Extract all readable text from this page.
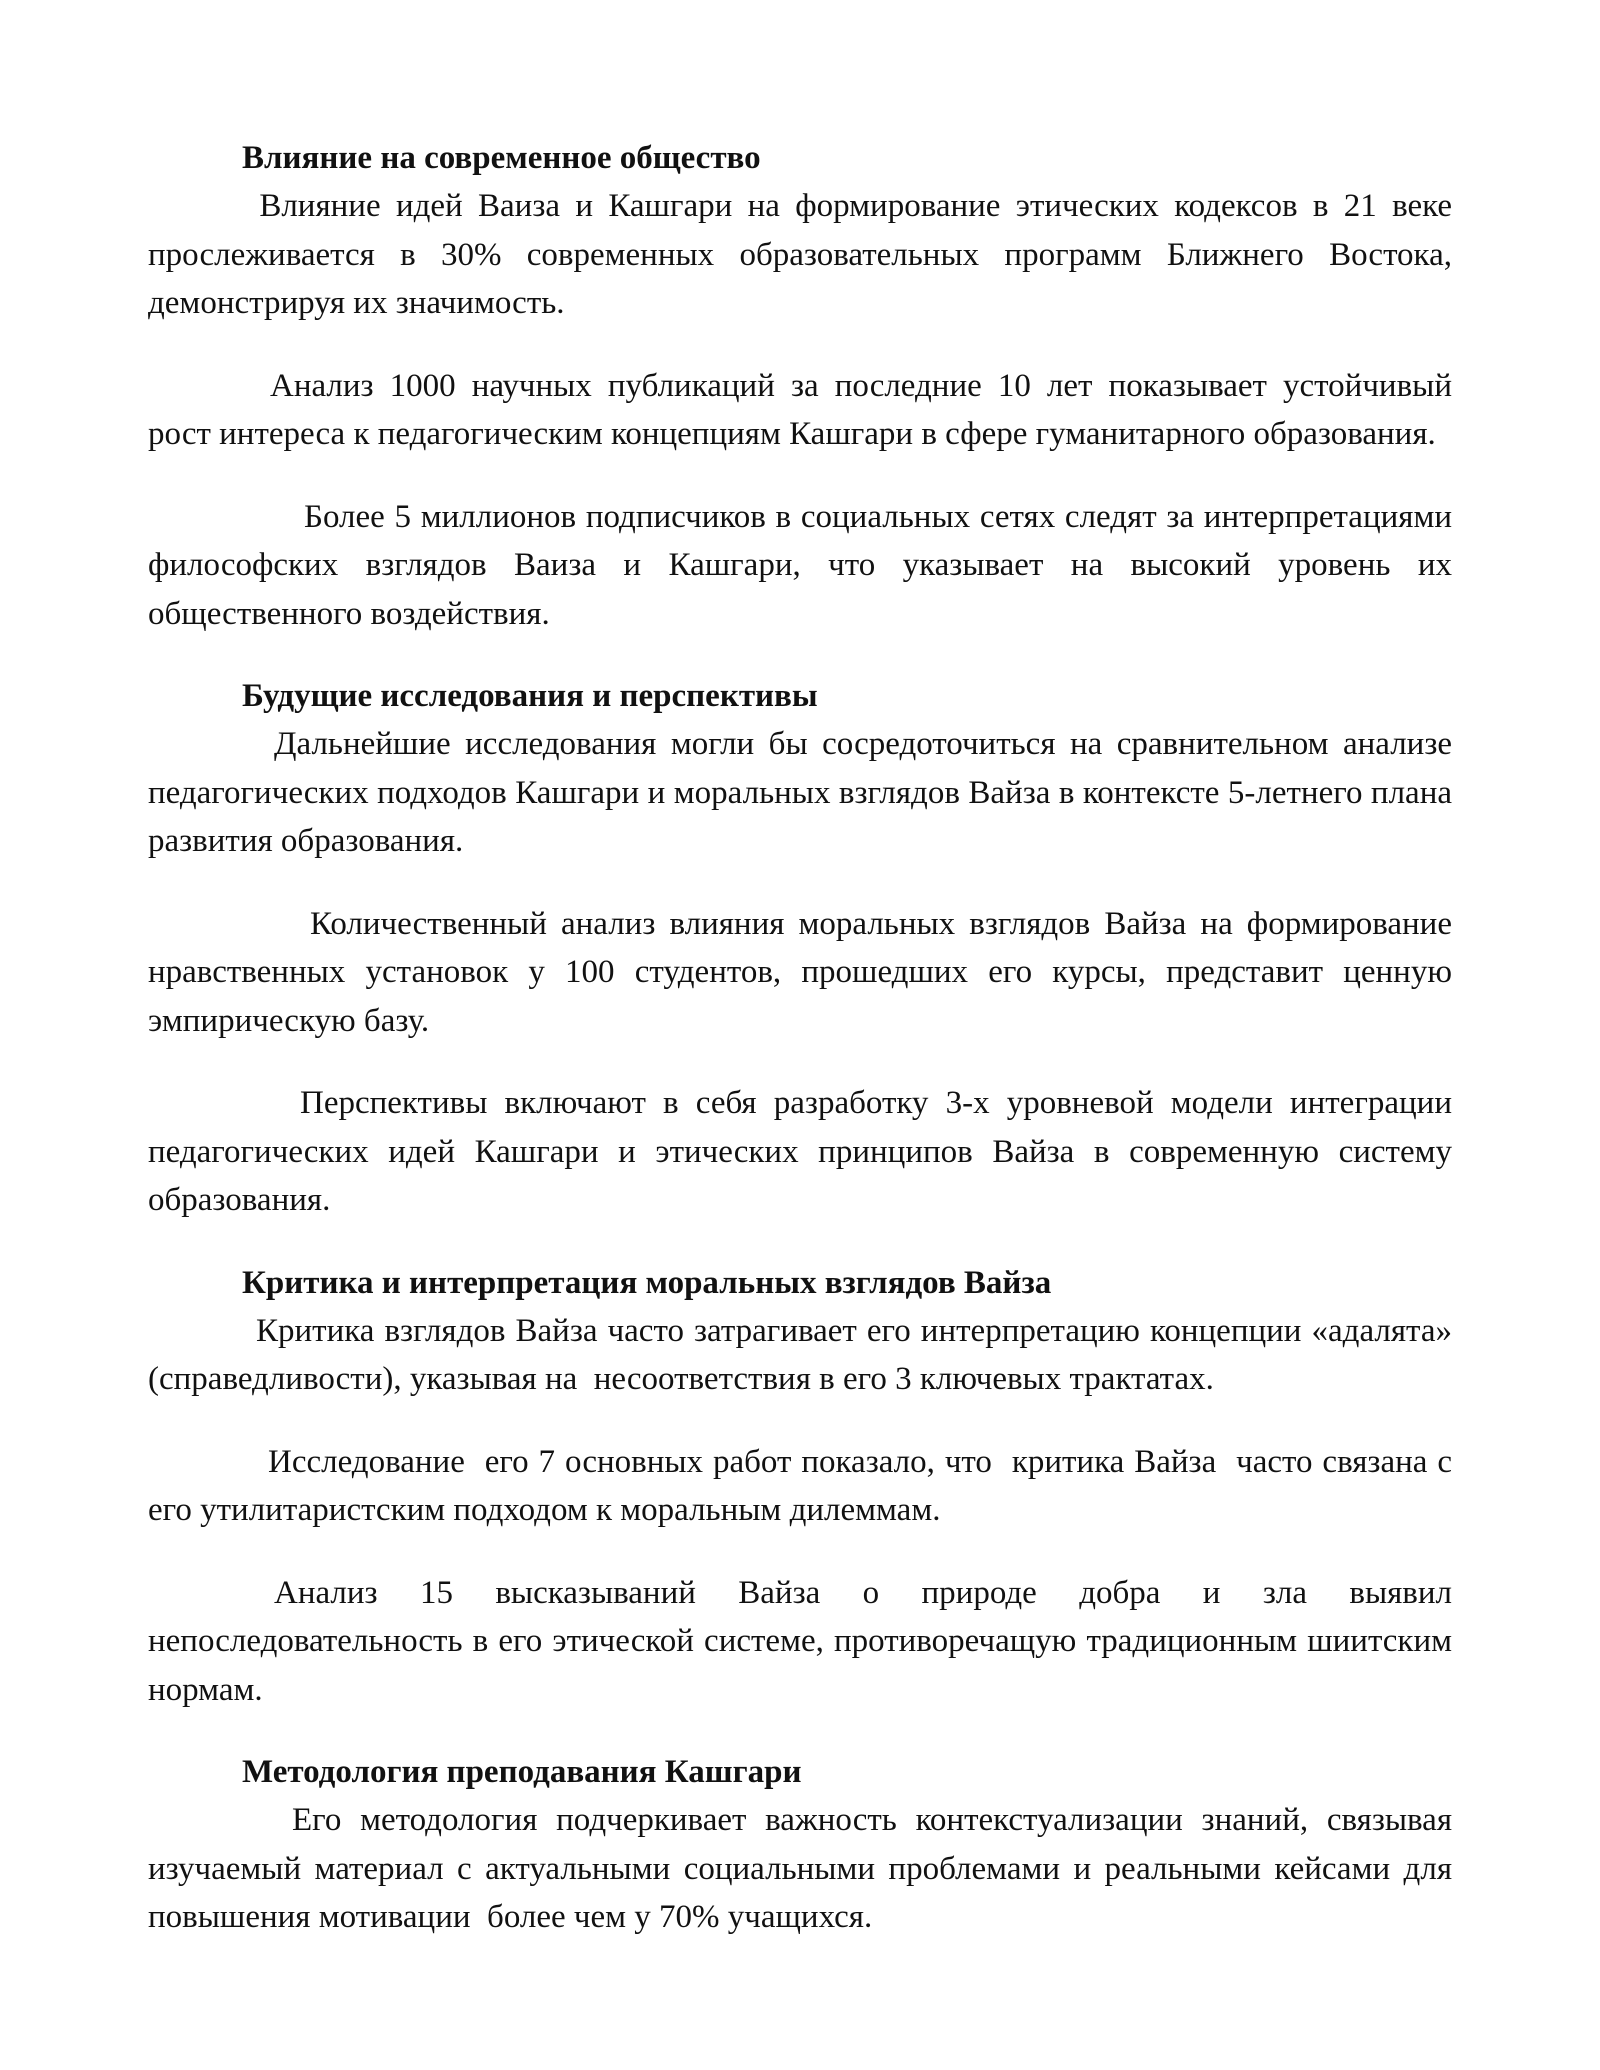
Влияние на современное общество

Влияние идей Ваиза и Кашгари на формирование этических кодексов в 21 веке прослеживается в 30% современных образовательных программ Ближнего Востока, демонстрируя их значимость.

Анализ 1000 научных публикаций за последние 10 лет показывает устойчивый рост интереса к педагогическим концепциям Кашгари в сфере гуманитарного образования.

Более 5 миллионов подписчиков в социальных сетях следят за интерпретациями  философских взглядов Ваиза и Кашгари, что указывает на высокий уровень их общественного воздействия.

Будущие исследования и перспективы

Дальнейшие исследования могли бы сосредоточиться на сравнительном анализе педагогических подходов Кашгари и моральных взглядов Вайза в контексте 5-летнего плана развития образования.

Количественный анализ влияния моральных взглядов Вайза на формирование нравственных установок у 100 студентов, прошедших его курсы, представит ценную эмпирическую базу.

Перспективы включают в себя разработку 3-х уровневой модели интеграции педагогических идей Кашгари и этических принципов Вайза в современную систему образования.

Критика и интерпретация моральных взглядов Вайза

Критика взглядов Вайза часто затрагивает его интерпретацию концепции «адалята» (справедливости), указывая на  несоответствия в его 3 ключевых трактатах.

Исследование  его 7 основных работ показало, что  критика Вайза  часто связана с  его утилитаристским подходом к моральным дилеммам.

Анализ 15 высказываний Вайза о природе добра и зла выявил непоследовательность в его этической системе, противоречащую традиционным шиитским нормам.

Методология преподавания Кашгари

Его методология подчеркивает важность контекстуализации знаний, связывая изучаемый материал с актуальными социальными проблемами и реальными кейсами для  повышения мотивации  более чем у 70% учащихся.
